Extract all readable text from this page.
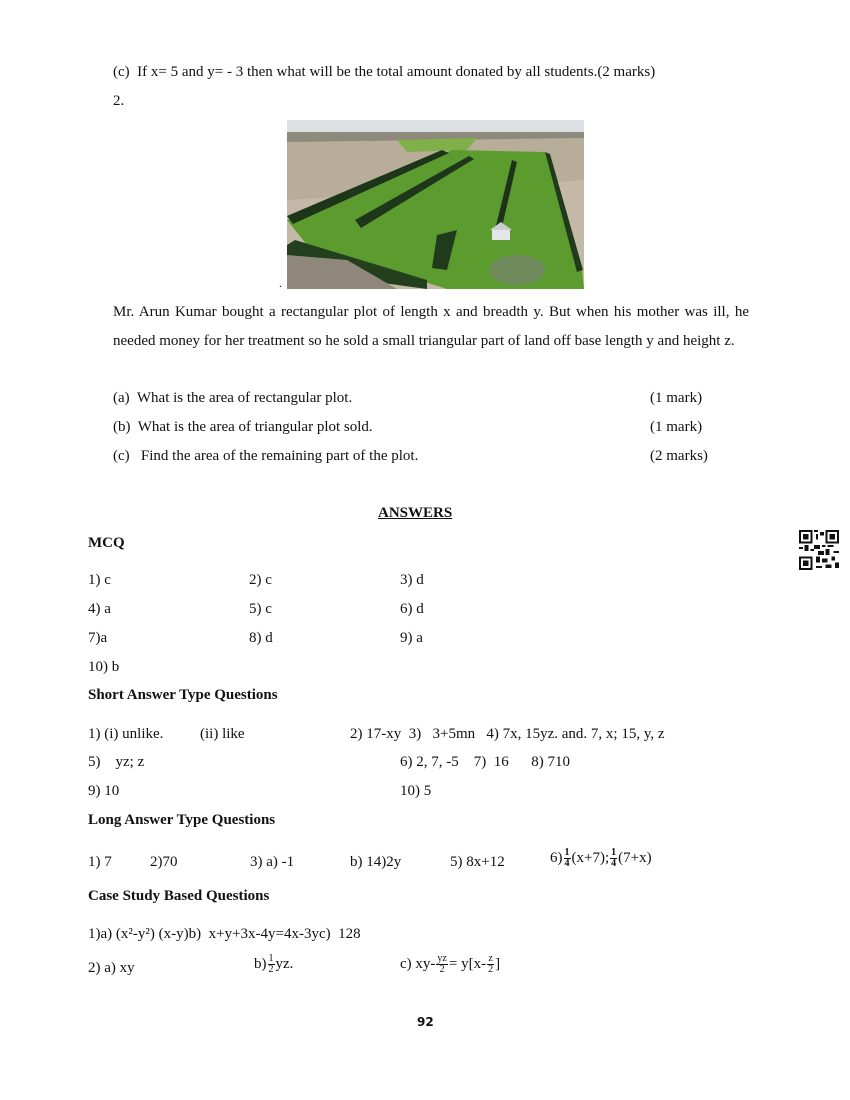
(c) If x= 5 and y= - 3 then what will be the total amount donated by all students.(2 marks)
2.
.
Mr. Arun Kumar bought a rectangular plot of length x and breadth y. But when his mother was ill, he needed money for her treatment so he sold a small triangular part of land off base length y and height z.
(a) What is the area of rectangular plot.	(1 mark)
(b) What is the area of triangular plot sold.	(1 mark)
(c) Find the area of the remaining part of the plot.	(2 marks)
ANSWERS
MCQ
1) c	2) c	3) d
4) a	5) c	6) d
7)a	8) d	9) a
10) b
Short Answer Type Questions
1) (i) unlike. (ii) like	2) 17-xy  3)   3+5mn   4) 7x, 15yz. and. 7, x; 15, y, z
5)    yz; z	6) 2, 7, -5    7)  16      8) 710
9) 10	10) 5
Long Answer Type Questions
1) 7	2)70	3) a) -1	b) 14)2y	5) 8x+12	$6) \frac{1}{4} (x+7)$; $\frac{1}{4} (7+x)$
Case Study Based Questions
1)a) (x²-y²) (x-y)b)  x+y+3x-4y=4x-3yc)  128
2) a) xy	$b) \frac{1}{2}$ yz.	c) $xy- \frac{yz}{2} = y[x- \frac{z}{2}$ ]
92
